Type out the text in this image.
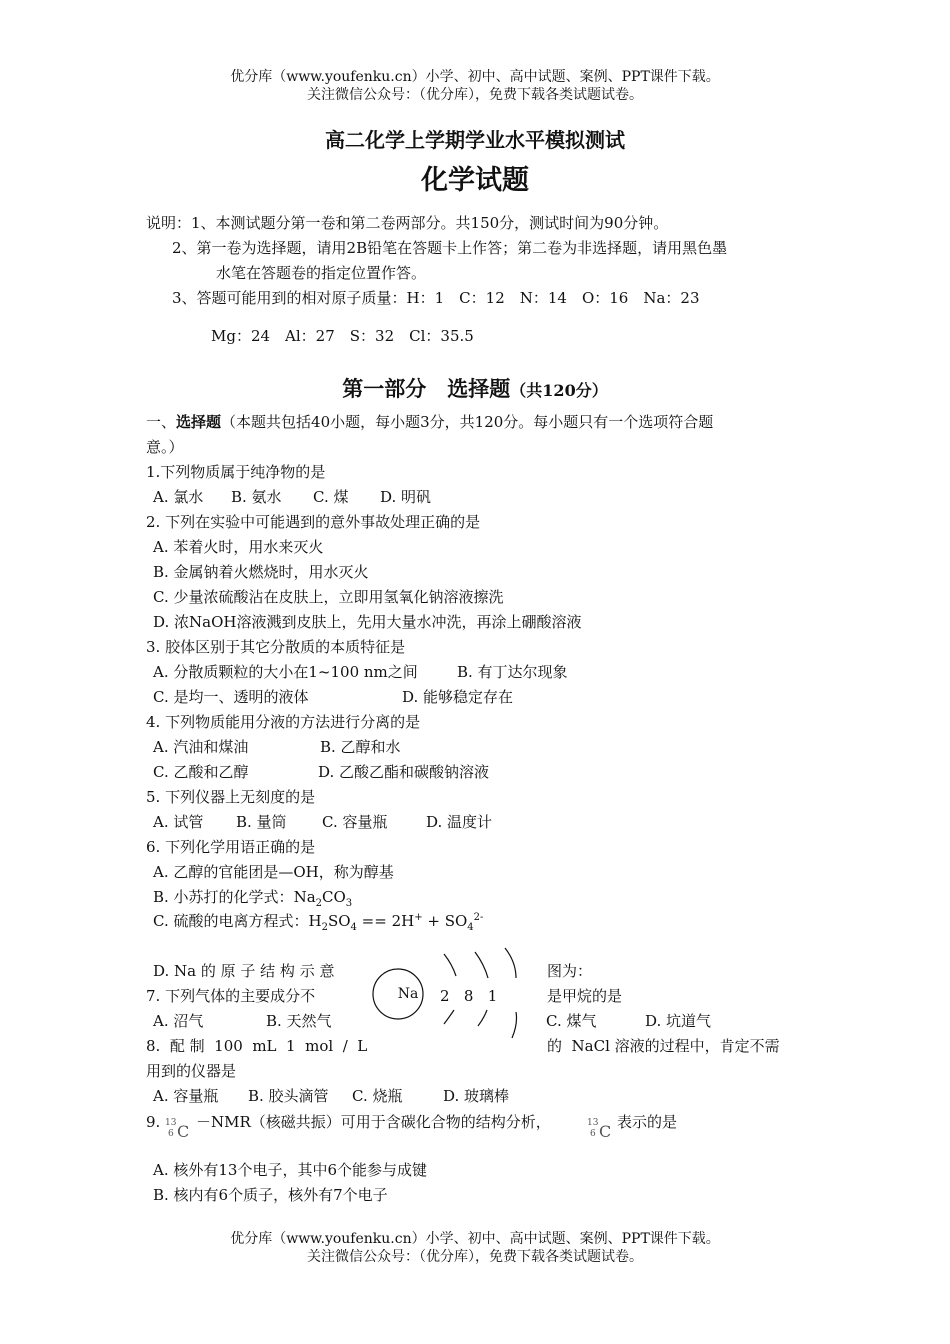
优分库（www.youfenku.cn）小学、初中、高中试题、案例、PPT课件下载。
关注微信公众号：（优分库），免费下载各类试题试卷。
高二化学上学期学业水平模拟测试
化学试题
说明：1、本测试题分第一卷和第二卷两部分。共150分，测试时间为90分钟。
2、第一卷为选择题，请用2B铅笔在答题卡上作答；第二卷为非选择题，请用黑色墨
水笔在答题卷的指定位置作答。
3、答题可能用到的相对原子质量：H：1　C：12　N：14　O：16　Na：23
Mg：24　Al：27　S：32　Cl：35.5
第一部分　选择题（共120分）
一、选择题（本题共包括40小题，每小题3分，共120分。每小题只有一个选项符合题
意。）
1.下列物质属于纯净物的是
A. 氯水 B. 氨水 C. 煤 D. 明矾
2. 下列在实验中可能遇到的意外事故处理正确的是
A. 苯着火时，用水来灭火
B. 金属钠着火燃烧时，用水灭火
C. 少量浓硫酸沾在皮肤上，立即用氢氧化钠溶液擦洗
D. 浓NaOH溶液溅到皮肤上，先用大量水冲洗，再涂上硼酸溶液
3. 胶体区别于其它分散质的本质特征是
A. 分散质颗粒的大小在1~100 nm之间	B. 有丁达尔现象
C. 是均一、透明的液体	D. 能够稳定存在
4. 下列物质能用分液的方法进行分离的是
A. 汽油和煤油	B. 乙醇和水
C. 乙酸和乙醇	D. 乙酸乙酯和碳酸钠溶液
5. 下列仪器上无刻度的是
A. 试管 B. 量筒 C. 容量瓶	D. 温度计
6. 下列化学用语正确的是
A. 乙醇的官能团是—OH，称为醇基
B. 小苏打的化学式：$Na_2CO_3$
C. 硫酸的电离方程式：$H_2SO_4 == 2H^+ + SO_4^{2-}$
D. Na 的 原 子 结 构 示 意	图为：
Na	2   8   1
7. 下列气体的主要成分不	是甲烷的是
A. 沼气	B. 天然气	C. 煤气	D. 坑道气
8.  配 制  100  mL  1  mol  /  L	的  NaCl 溶液的过程中，肯定不需
用到的仪器是
A. 容量瓶 B. 胶头滴管 C. 烧瓶	D. 玻璃棒
9. 13
6 C －NMR（核磁共振）可用于含碳化合物的结构分析，	13
6 C 表示的是
A. 核外有13个电子，其中6个能参与成键
B. 核内有6个质子，核外有7个电子
优分库（www.youfenku.cn）小学、初中、高中试题、案例、PPT课件下载。
关注微信公众号：（优分库），免费下载各类试题试卷。
